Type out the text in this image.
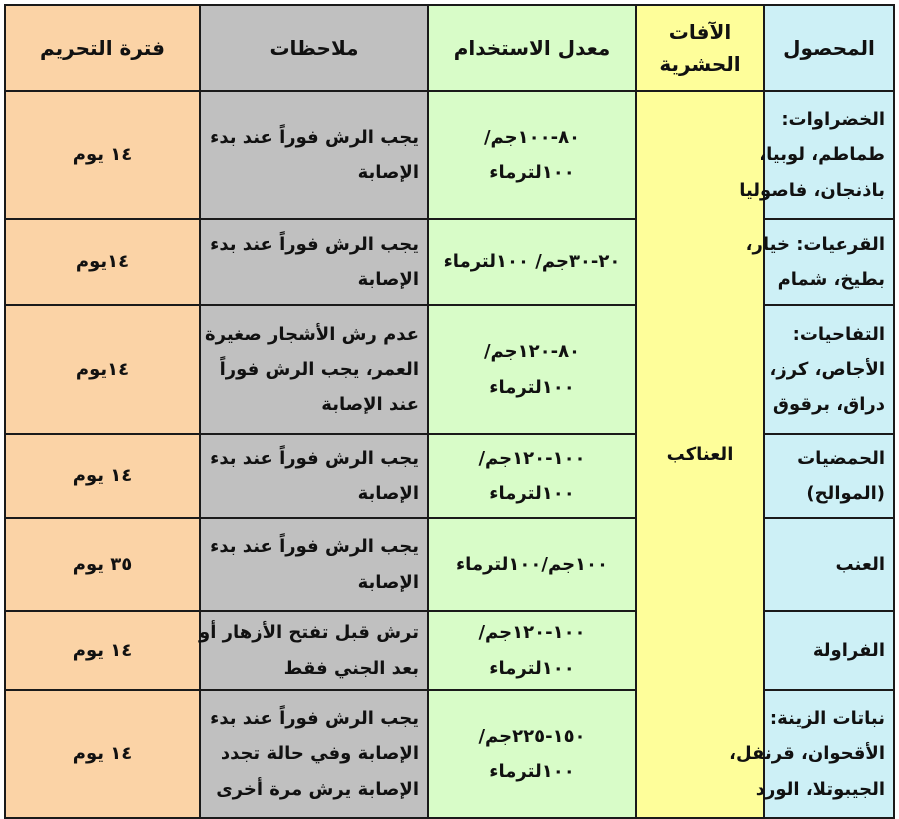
المحصول	الآفات الحشرية	معدل الاستخدام	ملاحظات	فترة التحريم

الخضراوات:
طماطم، لوبيا،
باذنجان، فاصوليا	العناكب	٨٠-١٠٠جم/
١٠٠لترماء	يجب الرش فوراً عند بدء
الإصابة	١٤ يوم

القرعيات: خيار،
بطيخ، شمام		٢٠-٣٠جم/ ١٠٠لترماء	يجب الرش فوراً عند بدء
الإصابة	١٤يوم

التفاحيات:
الأجاص، كرز،
دراق، برقوق		٨٠-١٢٠جم/
١٠٠لترماء	عدم رش الأشجار صغيرة
العمر، يجب الرش فوراً
عند الإصابة	١٤يوم

الحمضيات
(الموالح)		١٠٠-١٢٠جم/
١٠٠لترماء	يجب الرش فوراً عند بدء
الإصابة	١٤ يوم

العنب		١٠٠جم/١٠٠لترماء	يجب الرش فوراً عند بدء
الإصابة	٣٥ يوم

الفراولة		١٠٠-١٢٠جم/
١٠٠لترماء	ترش قبل تفتح الأزهار أو
بعد الجني فقط	١٤ يوم

نباتات الزينة:
الأقحوان، قرنفل،
الجيبوتلا، الورد		١٥٠-٢٢٥جم/
١٠٠لترماء	يجب الرش فوراً عند بدء
الإصابة وفي حالة تجدد
الإصابة يرش مرة أخرى	١٤ يوم
